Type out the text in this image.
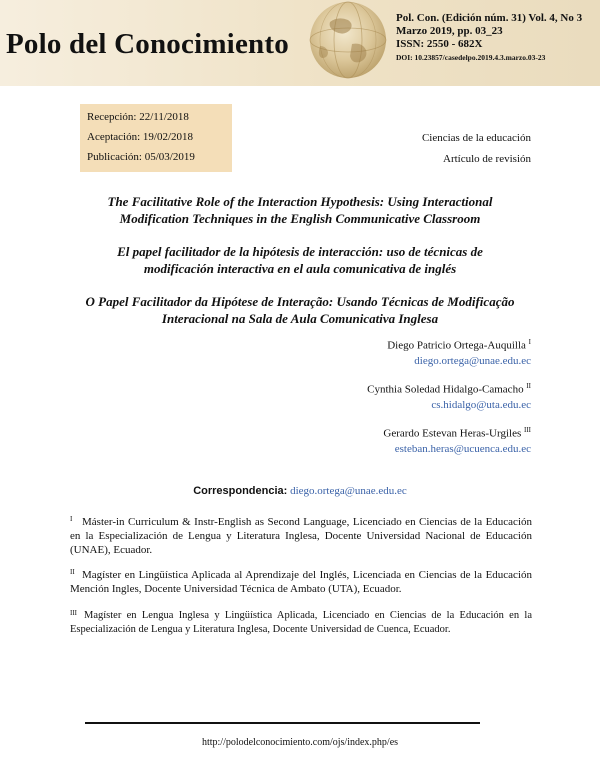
Polo del Conocimiento
Pol. Con. (Edición núm. 31) Vol. 4, No 3
Marzo 2019, pp. 03_23
ISSN: 2550 - 682X
DOI: 10.23857/casedelpo.2019.4.3.marzo.03-23
Recepción: 22/11/2018
Aceptación: 19/02/2018
Publicación: 05/03/2019
Ciencias de la educación
Artículo de revisión
The Facilitative Role of the Interaction Hypothesis: Using Interactional
Modification Techniques in the English Communicative Classroom
El papel facilitador de la hipótesis de interacción: uso de técnicas de
modificación interactiva en el aula comunicativa de inglés
O Papel Facilitador da Hipótese de Interação: Usando Técnicas de Modificação
Interacional na Sala de Aula Comunicativa Inglesa
Diego Patricio Ortega-Auquilla $^I$
diego.ortega@unae.edu.ec
Cynthia Soledad Hidalgo-Camacho $^{II}$
cs.hidalgo@uta.edu.ec
Gerardo Estevan Heras-Urgiles $^{III}$
esteban.heras@ucuenca.edu.ec
Correspondencia: diego.ortega@unae.edu.ec
I Máster-in Curriculum & Instr-English as Second Language, Licenciado en Ciencias de la Educación en la Especialización de Lengua y Literatura Inglesa, Docente Universidad Nacional de Educación (UNAE), Ecuador.
II Magíster en Lingüística Aplicada al Aprendizaje del Inglés, Licenciada en Ciencias de la Educación Mención Ingles, Docente Universidad Técnica de Ambato (UTA), Ecuador.
III Magíster en Lengua Inglesa y Lingüística Aplicada, Licenciado en Ciencias de la Educación en la Especialización de Lengua y Literatura Inglesa, Docente Universidad de Cuenca, Ecuador.
http://polodelconocimiento.com/ojs/index.php/es
